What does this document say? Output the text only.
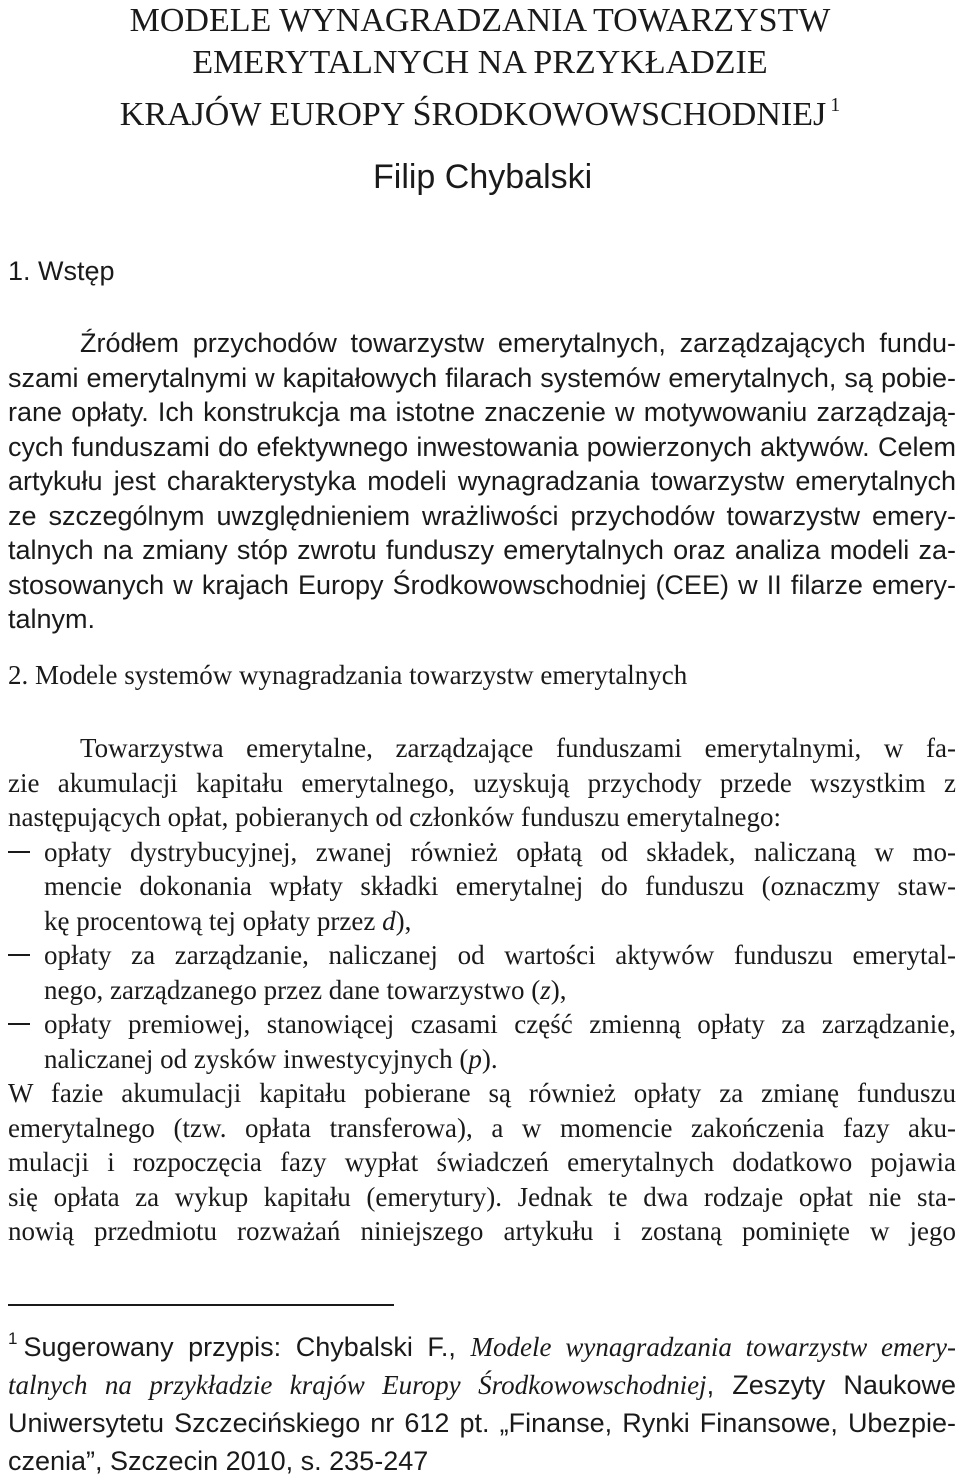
MODELE WYNAGRADZANIA TOWARZYSTW
EMERYTALNYCH NA PRZYKŁADZIE
KRAJÓW EUROPY ŚRODKOWOWSCHODNIEJ $^1$
Filip Chybalski
1. Wstęp
Źródłem przychodów towarzystw emerytalnych, zarządzających fundu-
szami emerytalnymi w kapitałowych filarach systemów emerytalnych, są pobie-
rane opłaty. Ich konstrukcja ma istotne znaczenie w motywowaniu zarządzają-
cych funduszami do efektywnego inwestowania powierzonych aktywów. Celem
artykułu jest charakterystyka modeli wynagradzania towarzystw emerytalnych
ze szczególnym uwzględnieniem wrażliwości przychodów towarzystw emery-
talnych na zmiany stóp zwrotu funduszy emerytalnych oraz analiza modeli za-
stosowanych w krajach Europy Środkowowschodniej (CEE) w II filarze emery-
talnym.
2. Modele systemów wynagradzania towarzystw emerytalnych
Towarzystwa emerytalne, zarządzające funduszami emerytalnymi, w fa-
zie akumulacji kapitału emerytalnego, uzyskują przychody przede wszystkim z
następujących opłat, pobieranych od członków funduszu emerytalnego:
opłaty dystrybucyjnej, zwanej również opłatą od składek, naliczaną w mo-
mencie dokonania wpłaty składki emerytalnej do funduszu (oznaczmy staw-
kę procentową tej opłaty przez d),
opłaty za zarządzanie, naliczanej od wartości aktywów funduszu emerytal-
nego, zarządzanego przez dane towarzystwo (z),
opłaty premiowej, stanowiącej czasami część zmienną opłaty za zarządzanie,
naliczanej od zysków inwestycyjnych (p).
W fazie akumulacji kapitału pobierane są również opłaty za zmianę funduszu
emerytalnego (tzw. opłata transferowa), a w momencie zakończenia fazy aku-
mulacji i rozpoczęcia fazy wypłat świadczeń emerytalnych dodatkowo pojawia
się opłata za wykup kapitału (emerytury). Jednak te dwa rodzaje opłat nie sta-
nowią przedmiotu rozważań niniejszego artykułu i zostaną pominięte w jego
$^1$ Sugerowany przypis: Chybalski F., Modele wynagradzania towarzystw emery-
talnych na przykładzie krajów Europy Środkowowschodniej, Zeszyty Naukowe
Uniwersytetu Szczecińskiego nr 612 pt. „Finanse, Rynki Finansowe, Ubezpie-
czenia”, Szczecin 2010, s. 235-247
